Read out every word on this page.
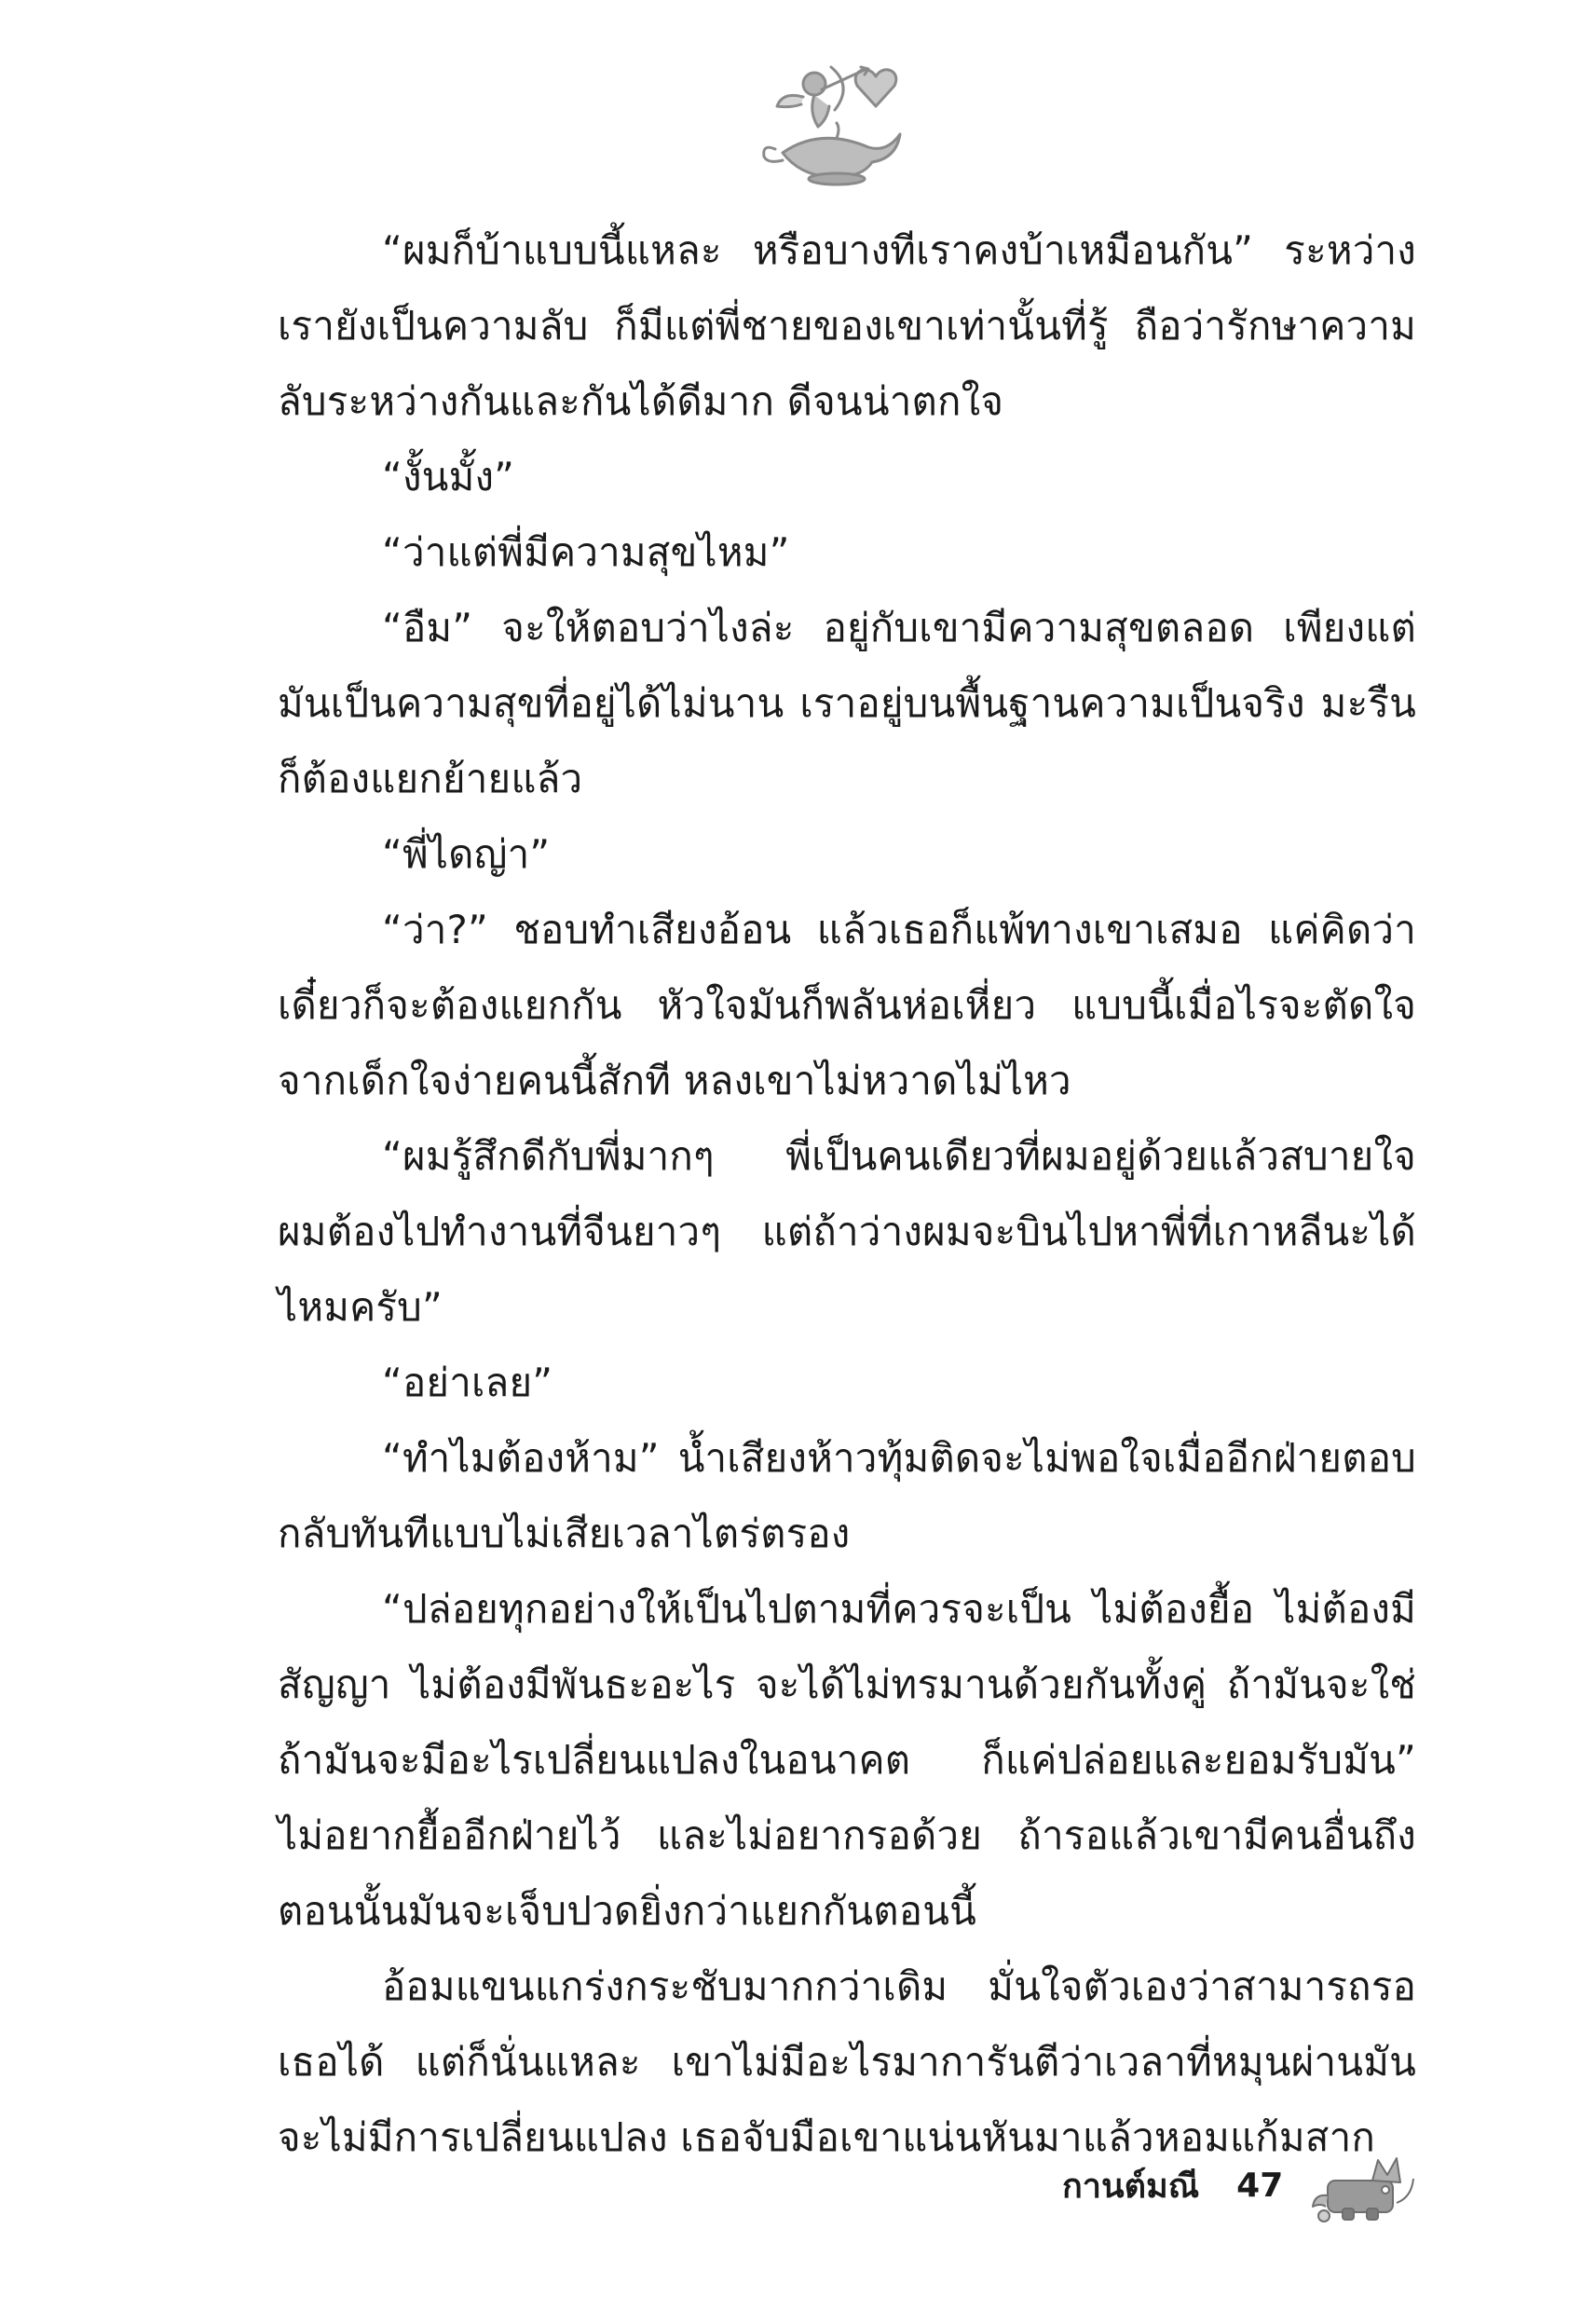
“ผมก็บ้าแบบนี้แหละ หรือบางทีเราคงบ้าเหมือนกัน” ระหว่างเรายังเป็นความลับ ก็มีแต่พี่ชายของเขาเท่านั้นที่รู้ ถือว่ารักษาความลับระหว่างกันและกันได้ดีมาก ดีจนน่าตกใจ

“งั้นมั้ง”

“ว่าแต่พี่มีความสุขไหม”

“อืม” จะให้ตอบว่าไงล่ะ อยู่กับเขามีความสุขตลอด เพียงแต่มันเป็นความสุขที่อยู่ได้ไม่นาน เราอยู่บนพื้นฐานความเป็นจริง มะรืนก็ต้องแยกย้ายแล้ว

“พี่ไดญ่า”

“ว่า?” ชอบทำเสียงอ้อน แล้วเธอก็แพ้ทางเขาเสมอ แค่คิดว่าเดี๋ยวก็จะต้องแยกกัน หัวใจมันก็พลันห่อเหี่ยว แบบนี้เมื่อไรจะตัดใจจากเด็กใจง่ายคนนี้สักที หลงเขาไม่หวาดไม่ไหว

“ผมรู้สึกดีกับพี่มากๆ พี่เป็นคนเดียวที่ผมอยู่ด้วยแล้วสบายใจ ผมต้องไปทำงานที่จีนยาวๆ แต่ถ้าว่างผมจะบินไปหาพี่ที่เกาหลีนะได้ไหมครับ”

“อย่าเลย”

“ทำไมต้องห้าม” น้ำเสียงห้าวทุ้มติดจะไม่พอใจเมื่ออีกฝ่ายตอบกลับทันทีแบบไม่เสียเวลาไตร่ตรอง

“ปล่อยทุกอย่างให้เป็นไปตามที่ควรจะเป็น ไม่ต้องยื้อ ไม่ต้องมีสัญญา ไม่ต้องมีพันธะอะไร จะได้ไม่ทรมานด้วยกันทั้งคู่ ถ้ามันจะใช่ถ้ามันจะมีอะไรเปลี่ยนแปลงในอนาคต ก็แค่ปล่อยและยอมรับมัน” ไม่อยากยื้ออีกฝ่ายไว้ และไม่อยากรอด้วย ถ้ารอแล้วเขามีคนอื่นถึงตอนนั้นมันจะเจ็บปวดยิ่งกว่าแยกกันตอนนี้

อ้อมแขนแกร่งกระชับมากกว่าเดิม มั่นใจตัวเองว่าสามารถรอเธอได้ แต่ก็นั่นแหละ เขาไม่มีอะไรมาการันตีว่าเวลาที่หมุนผ่านมันจะไม่มีการเปลี่ยนแปลง เธอจับมือเขาแน่นหันมาแล้วหอมแก้มสาก

กานต์มณี 47
